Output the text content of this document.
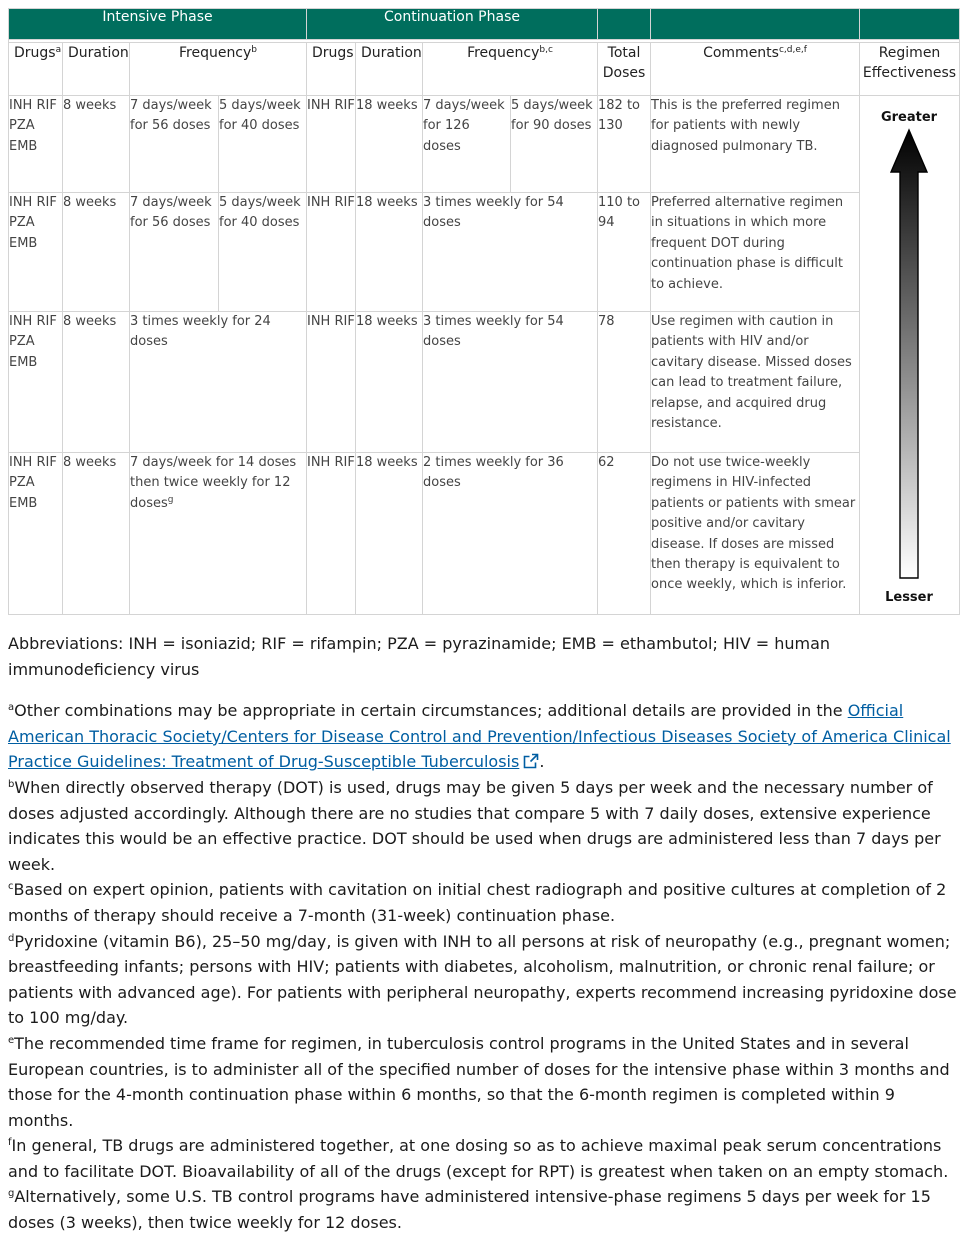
Intensive Phase				Continuation Phase						

Drugs$^a$	Duration	Frequency$^b$		Drugs	Duration	Frequency$^{b,c}$		Total Doses	Comments$^{c,d,e,f}$	Regimen Effectiveness
INH RIF PZA EMB	8 weeks	7 days/week for 56 doses	5 days/week for 40 doses	INH RIF	18 weeks	7 days/week for 126 doses	5 days/week for 90 doses	182 to 130	This is the preferred regimen for patients with newly diagnosed pulmonary TB.	Greater
Lesser

INH RIF PZA EMB	8 weeks	7 days/week for 56 doses	5 days/week for 40 doses	INH RIF	18 weeks	3 times weekly for 54 doses		110 to 94	Preferred alternative regimen in situations in which more frequent DOT during continuation phase is difficult to achieve.	
INH RIF PZA EMB	8 weeks	3 times weekly for 24 doses		INH RIF	18 weeks	3 times weekly for 54 doses		78	Use regimen with caution in patients with HIV and/or cavitary disease. Missed doses can lead to treatment failure, relapse, and acquired drug resistance.	
INH RIF PZA EMB	8 weeks	7 days/week for 14 doses then twice weekly for 12 doses$^g$		INH RIF	18 weeks	2 times weekly for 36 doses		62	Do not use twice-weekly regimens in HIV-infected patients or patients with smear positive and/or cavitary disease. If doses are missed then therapy is equivalent to once weekly, which is inferior.	

Abbreviations: INH = isoniazid; RIF = rifampin; PZA = pyrazinamide; EMB = ethambutol; HIV = human immunodeficiency virus

$^a$Other combinations may be appropriate in certain circumstances; additional details are provided in the Official American Thoracic Society/Centers for Disease Control and Prevention/Infectious Diseases Society of America Clinical Practice Guidelines: Treatment of Drug-Susceptible Tuberculosis .

$^b$When directly observed therapy (DOT) is used, drugs may be given 5 days per week and the necessary number of doses adjusted accordingly. Although there are no studies that compare 5 with 7 daily doses, extensive experience indicates this would be an effective practice. DOT should be used when drugs are administered less than 7 days per week.

$^c$Based on expert opinion, patients with cavitation on initial chest radiograph and positive cultures at completion of 2 months of therapy should receive a 7-month (31-week) continuation phase.

$^d$Pyridoxine (vitamin B6), 25–50 mg/day, is given with INH to all persons at risk of neuropathy (e.g., pregnant women; breastfeeding infants; persons with HIV; patients with diabetes, alcoholism, malnutrition, or chronic renal failure; or patients with advanced age). For patients with peripheral neuropathy, experts recommend increasing pyridoxine dose to 100 mg/day.

$^e$The recommended time frame for regimen, in tuberculosis control programs in the United States and in several European countries, is to administer all of the specified number of doses for the intensive phase within 3 months and those for the 4-month continuation phase within 6 months, so that the 6-month regimen is completed within 9 months.

$^f$In general, TB drugs are administered together, at one dosing so as to achieve maximal peak serum concentrations and to facilitate DOT. Bioavailability of all of the drugs (except for RPT) is greatest when taken on an empty stomach.

$^g$Alternatively, some U.S. TB control programs have administered intensive-phase regimens 5 days per week for 15 doses (3 weeks), then twice weekly for 12 doses.
